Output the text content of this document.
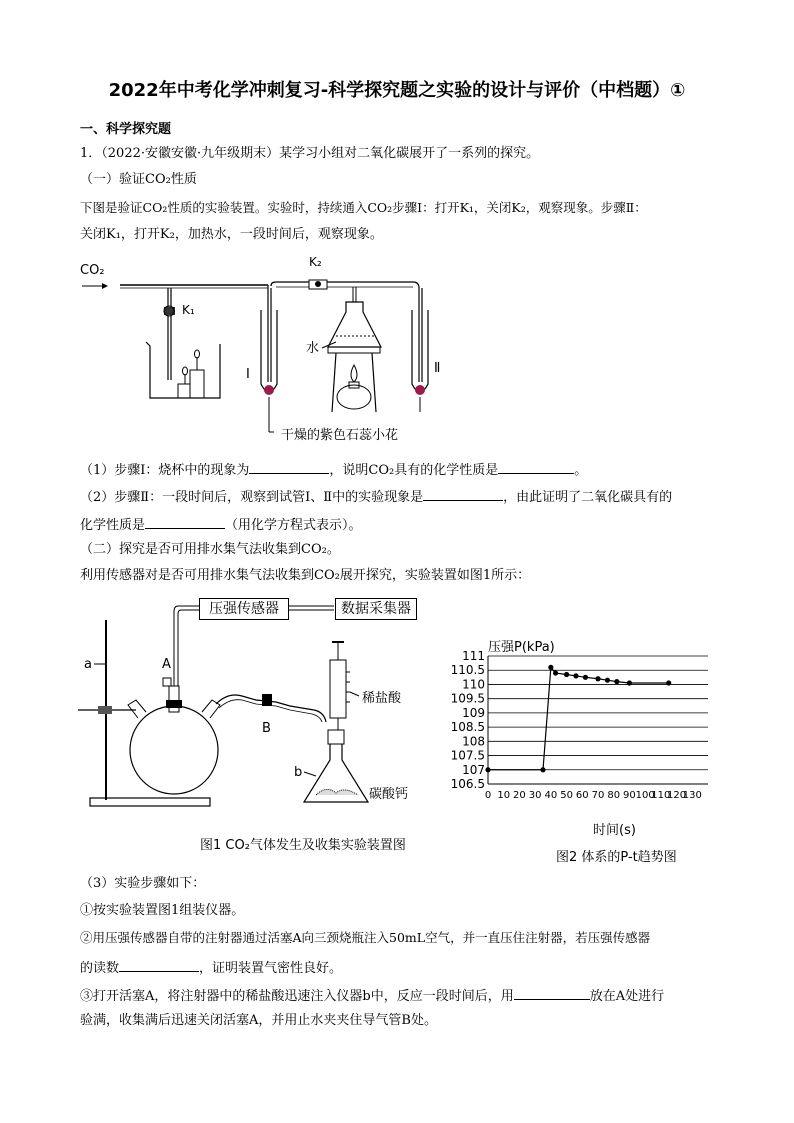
2022年中考化学冲刺复习-科学探究题之实验的设计与评价（中档题）①
一、科学探究题
1．（2022·安徽安徽·九年级期末）某学习小组对二氧化碳展开了一系列的探究。
（一）验证CO₂性质
下图是验证CO₂性质的实验装置。实验时，持续通入CO₂步骤Ⅰ：打开K₁，关闭K₂，观察现象。步骤Ⅱ：
关闭K₁，打开K₂，加热水，一段时间后，观察现象。
CO₂
K₁
Ⅰ
K₂
水
Ⅱ
干燥的紫色石蕊小花
（1）步骤Ⅰ：烧杯中的现象为	，说明CO₂具有的化学性质是	。
（2）步骤Ⅱ：一段时间后，观察到试管Ⅰ、Ⅱ中的实验现象是	，由此证明了二氧化碳具有的
化学性质是	（用化学方程式表示）。
（二）探究是否可用排水集气法收集到CO₂。
利用传感器对是否可用排水集气法收集到CO₂展开探究，实验装置如图1所示：
压强传感器	数据采集器
a	A
B
稀盐酸
b
碳酸钙
图1 CO₂气体发生及收集实验装置图
106.5
107
107.5
108
108.5
109
109.5
110
110.5
111
0 10 20 30 40 50 60 70 80 90 100
110
120
130
压强P(kPa)
时间(s)
图2 体系的P-t趋势图
（3）实验步骤如下：
①按实验装置图1组装仪器。
②用压强传感器自带的注射器通过活塞A向三颈烧瓶注入50mL空气，并一直压住注射器，若压强传感器
的读数	，证明装置气密性良好。
③打开活塞A，将注射器中的稀盐酸迅速注入仪器b中，反应一段时间后，用	放在A处进行
验满，收集满后迅速关闭活塞A，并用止水夹夹住导气管B处。
